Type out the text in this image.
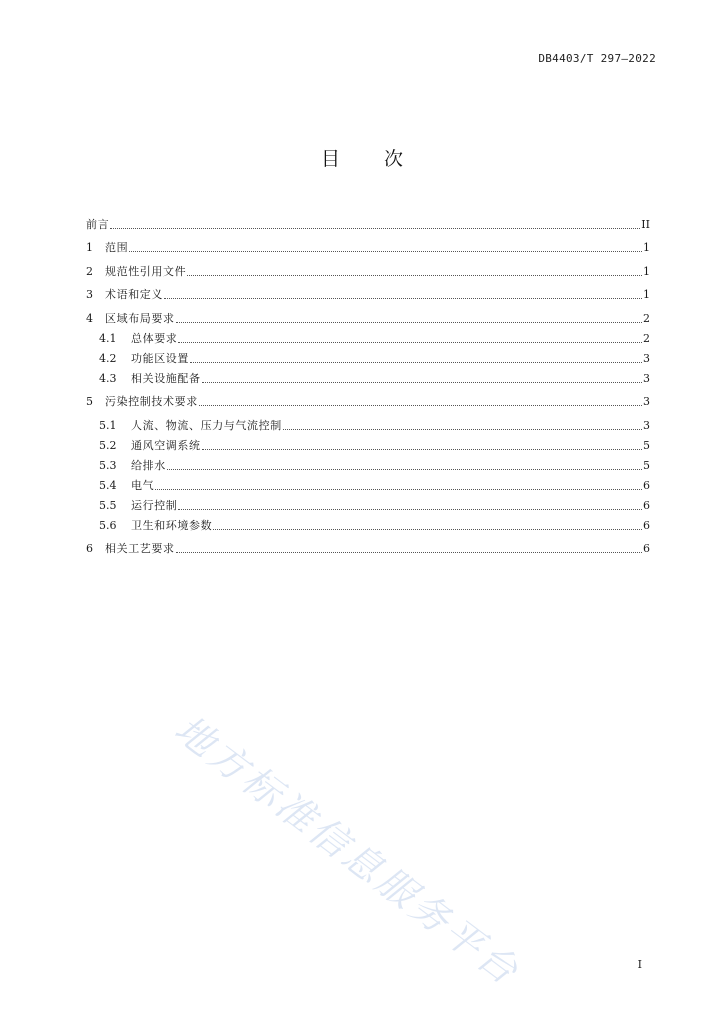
DB4403/T 297—2022
目 次
前言	II
1	范围	1
2	规范性引用文件	1
3	术语和定义	1
4	区域布局要求	2
4.1	总体要求	2
4.2	功能区设置	3
4.3	相关设施配备	3
5	污染控制技术要求	3
5.1	人流、物流、压力与气流控制	3
5.2	通风空调系统	5
5.3	给排水	5
5.4	电气	6
5.5	运行控制	6
5.6	卫生和环境参数	6
6	相关工艺要求	6
地方标准信息服务平台	I
